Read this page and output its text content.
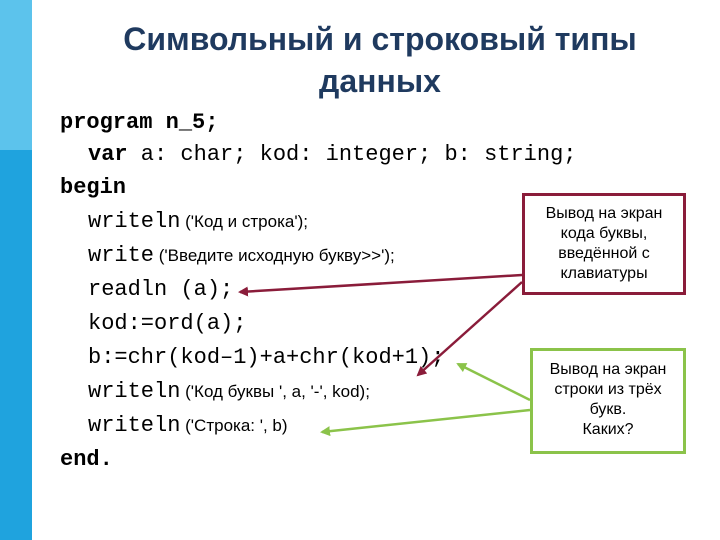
Символьный и строковый типы
данных
program n_5;
var a: char; kod: integer; b: string;
begin
writeln ('Код и строка');
write ('Введите исходную букву>>');
readln (a);
kod:=ord(a);
b:=chr(kod–1)+a+chr(kod+1);
writeln ('Код буквы ', a, '-', kod);
writeln ('Строка: ', b)
end.
Вывод на экран
кода буквы,
введённой с
клавиатуры
Вывод на экран
строки из трёх
букв.
Каких?
